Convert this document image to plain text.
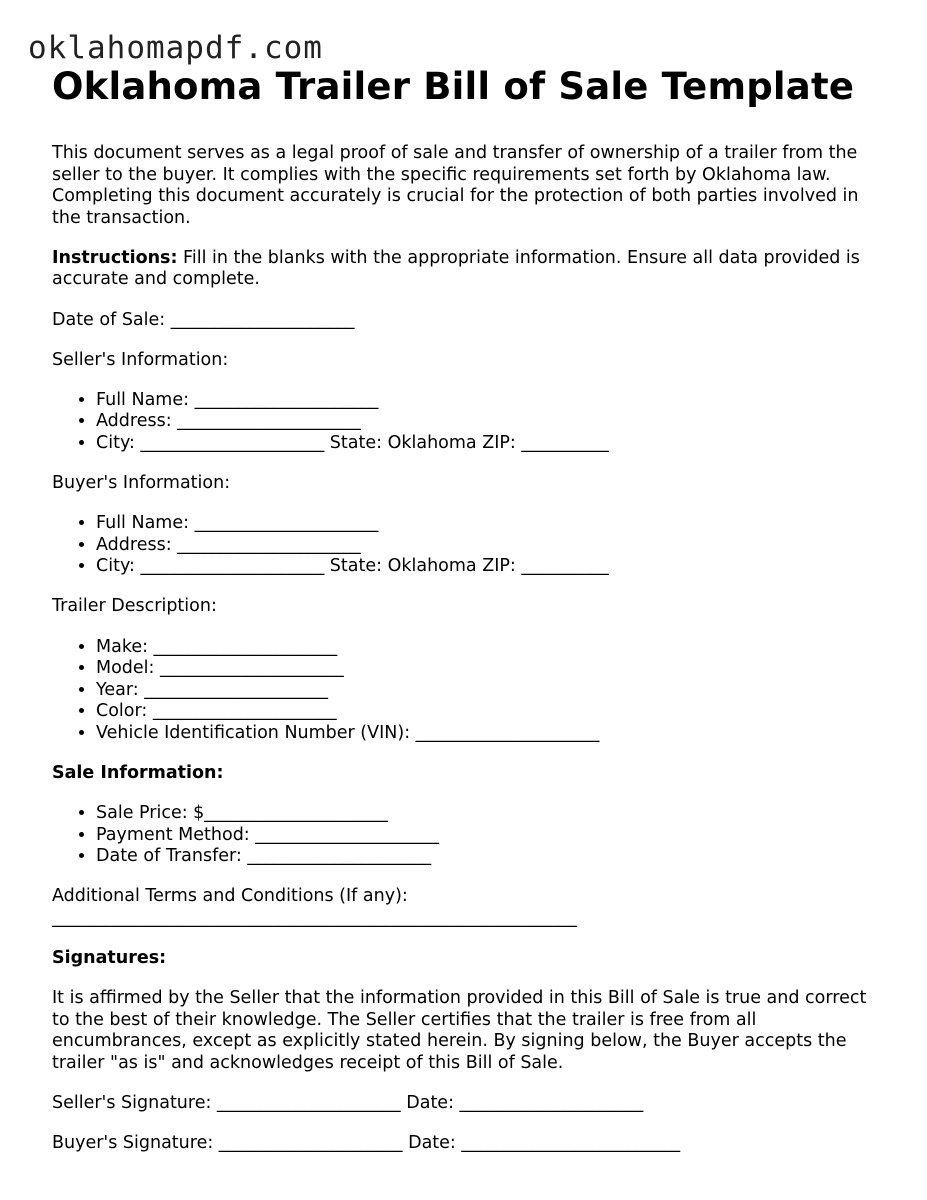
oklahomapdf.com
Oklahoma Trailer Bill of Sale Template

This document serves as a legal proof of sale and transfer of ownership of a trailer from the seller to the buyer. It complies with the specific requirements set forth by Oklahoma law. Completing this document accurately is crucial for the protection of both parties involved in the transaction.

Instructions: Fill in the blanks with the appropriate information. Ensure all data provided is accurate and complete.

Date of Sale: _____________________

Seller's Information:

• Full Name: _____________________
• Address: _____________________
• City: _____________________ State: Oklahoma ZIP: __________

Buyer's Information:

• Full Name: _____________________
• Address: _____________________
• City: _____________________ State: Oklahoma ZIP: __________

Trailer Description:

• Make: _____________________
• Model: _____________________
• Year: _____________________
• Color: _____________________
• Vehicle Identification Number (VIN): _____________________

Sale Information:

• Sale Price: $_____________________
• Payment Method: _____________________
• Date of Transfer: _____________________

Additional Terms and Conditions (If any):
____________________________________________________________

Signatures:

It is affirmed by the Seller that the information provided in this Bill of Sale is true and correct to the best of their knowledge. The Seller certifies that the trailer is free from all encumbrances, except as explicitly stated herein. By signing below, the Buyer accepts the trailer "as is" and acknowledges receipt of this Bill of Sale.

Seller's Signature: _____________________ Date: _____________________

Buyer's Signature: _____________________ Date: _________________________
